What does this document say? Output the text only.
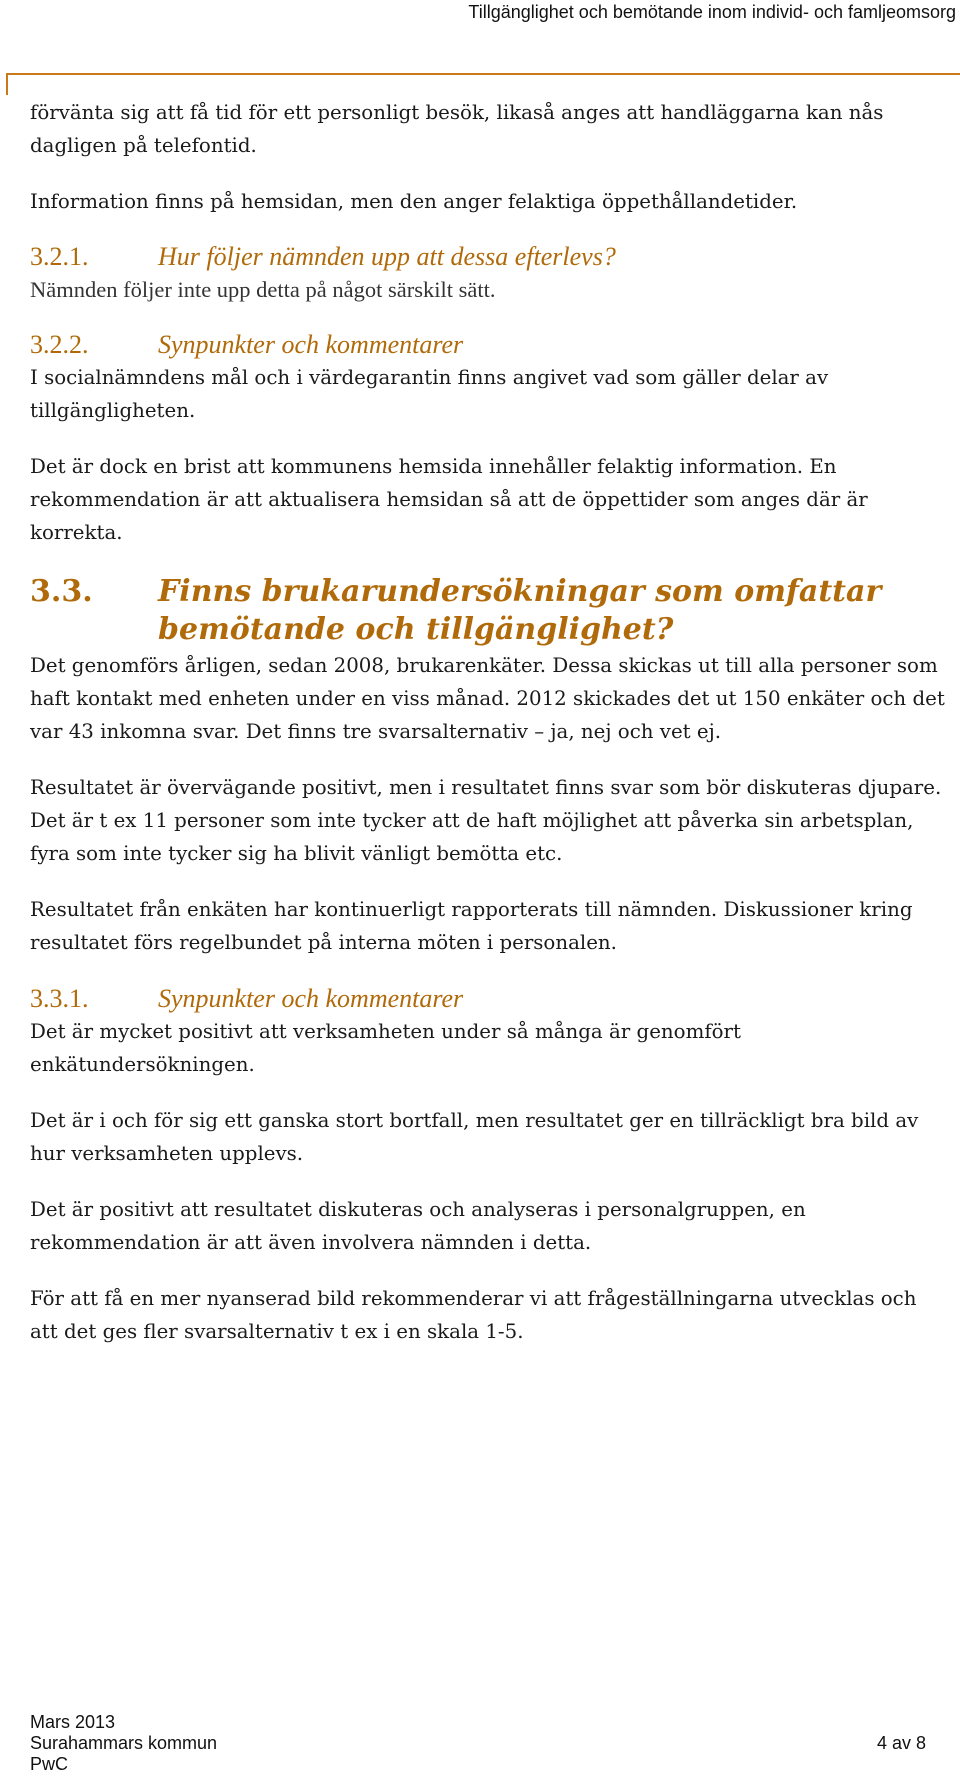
Tillgänglighet och bemötande inom individ- och famljeomsorg

förvänta sig att få tid för ett personligt besök, likaså anges att handläggarna kan nås dagligen på telefontid.

Information finns på hemsidan, men den anger felaktiga öppethållandetider.

3.2.1.	Hur följer nämnden upp att dessa efterlevs?

Nämnden följer inte upp detta på något särskilt sätt.

3.2.2.	Synpunkter och kommentarer

I socialnämndens mål och i värdegarantin finns angivet vad som gäller delar av tillgängligheten.

Det är dock en brist att kommunens hemsida innehåller felaktig information. En rekommendation är att aktualisera hemsidan så att de öppettider som anges där är korrekta.

3.3.	Finns brukarundersökningar som omfattar bemötande och tillgänglighet?

Det genomförs årligen, sedan 2008, brukarenkäter. Dessa skickas ut till alla personer som haft kontakt med enheten under en viss månad. 2012 skickades det ut 150 enkäter och det var 43 inkomna svar. Det finns tre svarsalternativ – ja, nej och vet ej.

Resultatet är övervägande positivt, men i resultatet finns svar som bör diskuteras djupare. Det är t ex 11 personer som inte tycker att de haft möjlighet att påverka sin arbetsplan, fyra som inte tycker sig ha blivit vänligt bemötta etc.

Resultatet från enkäten har kontinuerligt rapporterats till nämnden. Diskussioner kring resultatet förs regelbundet på interna möten i personalen.

3.3.1.	Synpunkter och kommentarer

Det är mycket positivt att verksamheten under så många är genomfört enkätundersökningen.

Det är i och för sig ett ganska stort bortfall, men resultatet ger en tillräckligt bra bild av hur verksamheten upplevs.

Det är positivt att resultatet diskuteras och analyseras i personalgruppen, en rekommendation är att även involvera nämnden i detta.

För att få en mer nyanserad bild rekommenderar vi att frågeställningarna utvecklas och att det ges fler svarsalternativ t ex i en skala 1-5.

Mars 2013
Surahammars kommun
PwC
4 av 8
